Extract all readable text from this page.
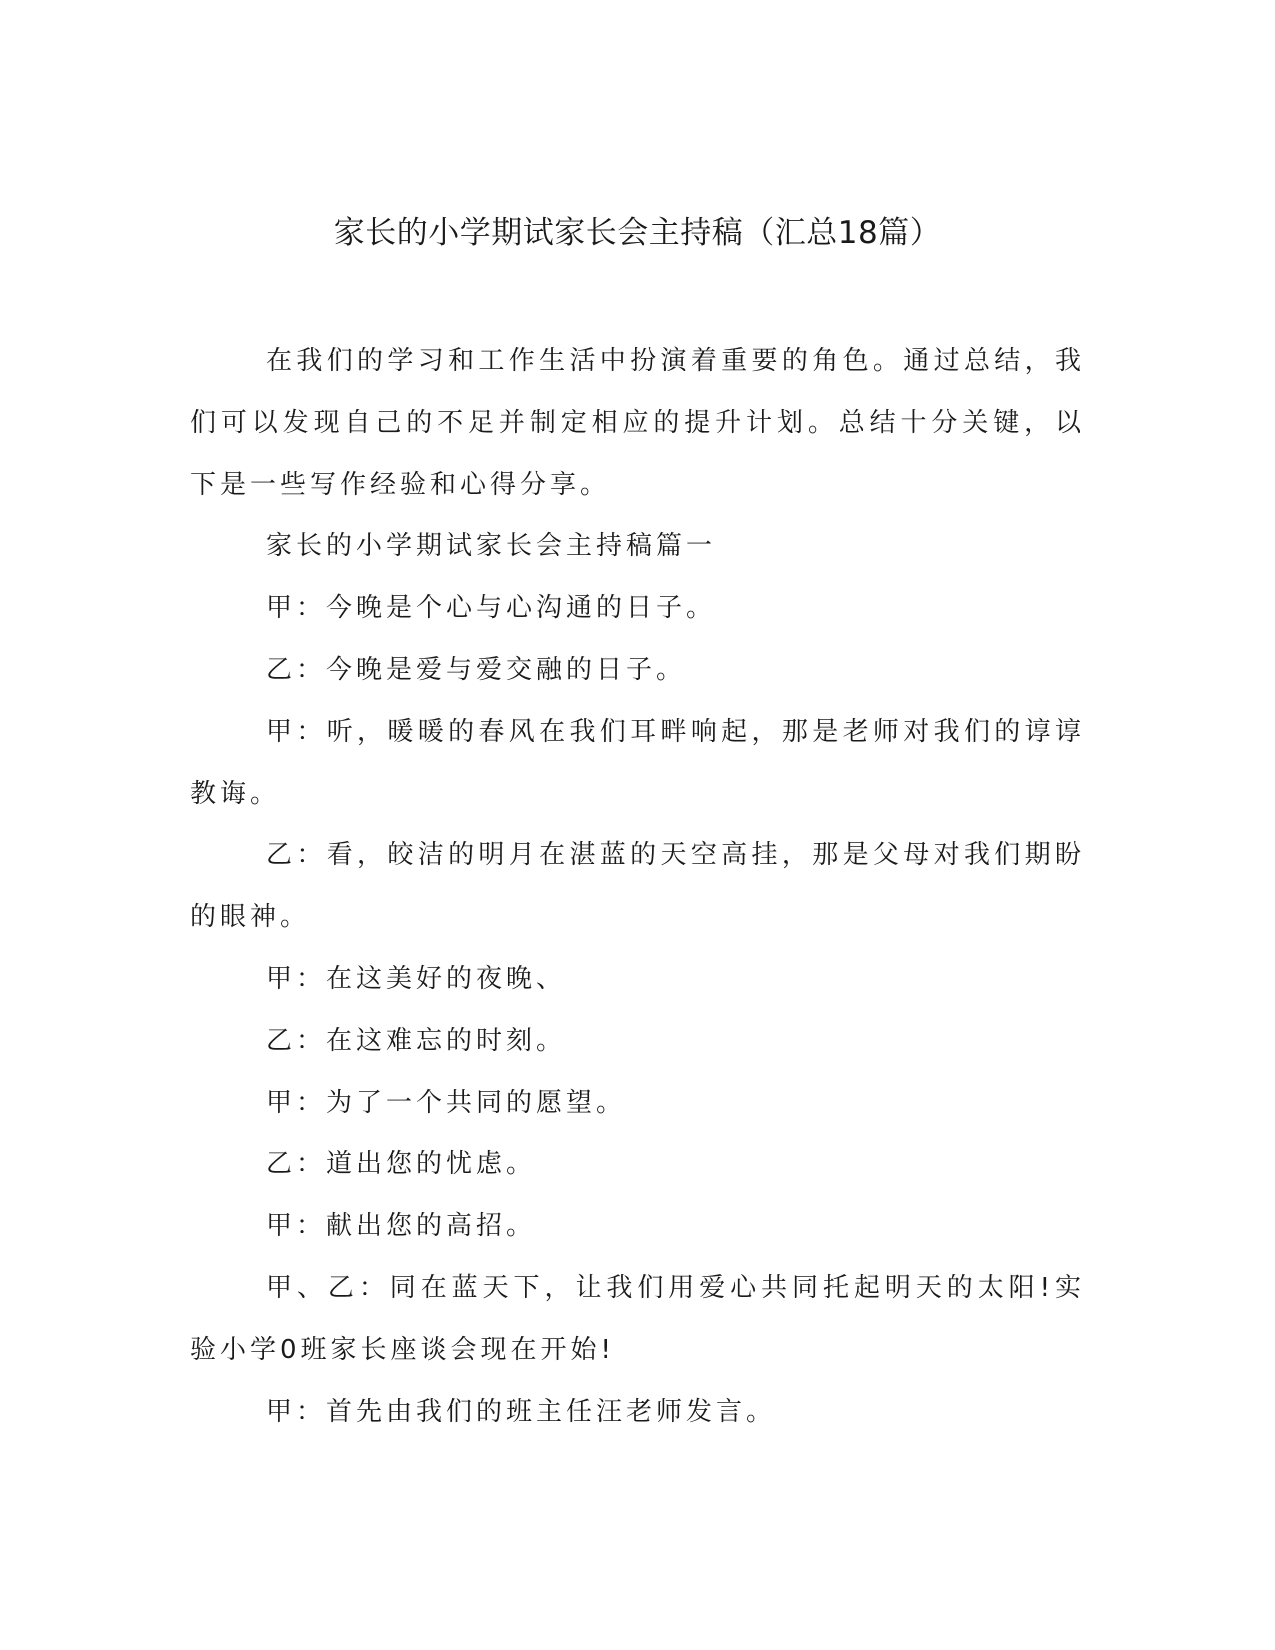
家长的小学期试家长会主持稿（汇总18篇）

在我们的学习和工作生活中扮演着重要的角色。通过总结，我们可以发现自己的不足并制定相应的提升计划。总结十分关键，以下是一些写作经验和心得分享。

家长的小学期试家长会主持稿篇一

甲：今晚是个心与心沟通的日子。

乙：今晚是爱与爱交融的日子。

甲：听，暖暖的春风在我们耳畔响起，那是老师对我们的谆谆教诲。

乙：看，皎洁的明月在湛蓝的天空高挂，那是父母对我们期盼的眼神。

甲：在这美好的夜晚、

乙：在这难忘的时刻。

甲：为了一个共同的愿望。

乙：道出您的忧虑。

甲：献出您的高招。

甲、乙：同在蓝天下，让我们用爱心共同托起明天的太阳!实验小学0班家长座谈会现在开始!

甲：首先由我们的班主任汪老师发言。
